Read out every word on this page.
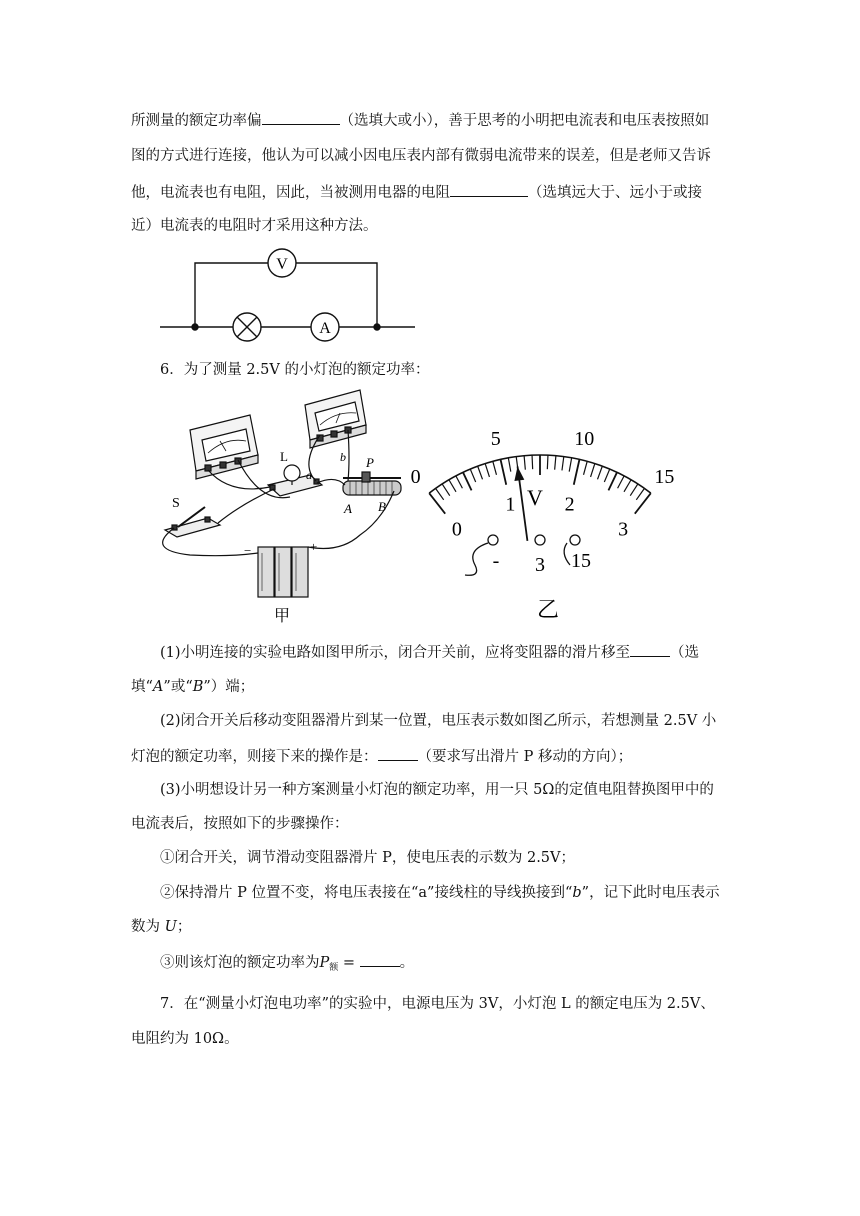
所测量的额定功率偏	（选填大或小），善于思考的小明把电流表和电压表按照如
图的方式进行连接，他认为可以减小因电压表内部有微弱电流带来的误差，但是老师又告诉
他，电流表也有电阻，因此，当被测用电器的电阻	（选填远大于、远小于或接
近）电流表的电阻时才采用这种方法。
V
A
6．为了测量 2.5V 的小灯泡的额定功率：
L
a
b P
A B
S
−	+
甲
0
5	10
15
0
1 2
3
V
- 3 15
乙
(1)小明连接的实验电路如图甲所示，闭合开关前，应将变阻器的滑片移至	（选
填“A”或“B”）端；
(2)闭合开关后移动变阻器滑片到某一位置，电压表示数如图乙所示，若想测量 2.5V 小
灯泡的额定功率，则接下来的操作是：	（要求写出滑片 P 移动的方向）；
(3)小明想设计另一种方案测量小灯泡的额定功率，用一只 5Ω的定值电阻替换图甲中的
电流表后，按照如下的步骤操作：
①闭合开关，调节滑动变阻器滑片 P，使电压表的示数为 2.5V；
②保持滑片 P 位置不变，将电压表接在“a”接线柱的导线换接到“b”，记下此时电压表示
数为 U；
③则该灯泡的额定功率为$P_额$ =	。
7．在“测量小灯泡电功率”的实验中，电源电压为 3V，小灯泡 L 的额定电压为 2.5V、
电阻约为 10Ω。
